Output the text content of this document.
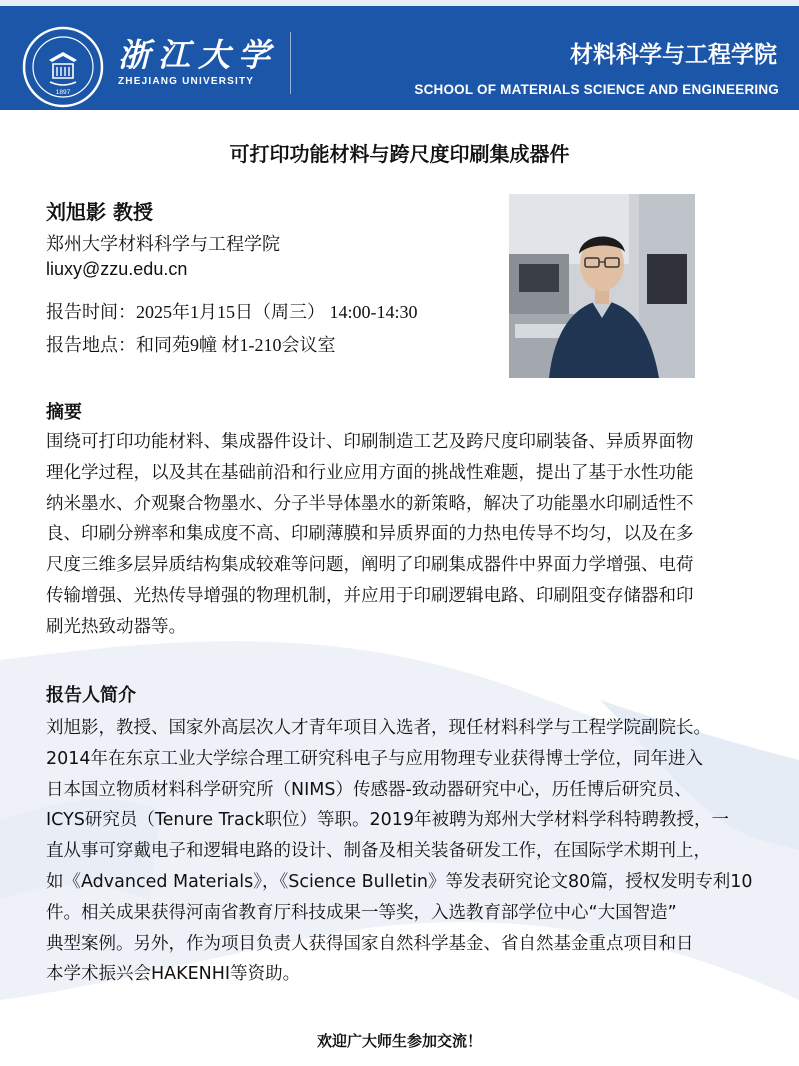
1897
浙江大学
ZHEJIANG UNIVERSITY
材料科学与工程学院
SCHOOL OF MATERIALS SCIENCE AND ENGINEERING
可打印功能材料与跨尺度印刷集成器件
刘旭影 教授
郑州大学材料科学与工程学院
liuxy@zzu.edu.cn
报告时间：2025年1月15日（周三） 14:00-14:30
报告地点：和同苑9幢 材1-210会议室
摘要

围绕可打印功能材料、集成器件设计、印刷制造工艺及跨尺度印刷装备、异质界面物
理化学过程，以及其在基础前沿和行业应用方面的挑战性难题，提出了基于水性功能
纳米墨水、介观聚合物墨水、分子半导体墨水的新策略，解决了功能墨水印刷适性不
良、印刷分辨率和集成度不高、印刷薄膜和异质界面的力热电传导不均匀，以及在多
尺度三维多层异质结构集成较难等问题，阐明了印刷集成器件中界面力学增强、电荷
传输增强、光热传导增强的物理机制，并应用于印刷逻辑电路、印刷阻变存储器和印
刷光热致动器等。

报告人简介

刘旭影，教授、国家外高层次人才青年项目入选者，现任材料科学与工程学院副院长。
2014年在东京工业大学综合理工研究科电子与应用物理专业获得博士学位，同年进入
日本国立物质材料科学研究所（NIMS）传感器-致动器研究中心，历任博后研究员、
ICYS研究员（Tenure Track职位）等职。2019年被聘为郑州大学材料学科特聘教授，一
直从事可穿戴电子和逻辑电路的设计、制备及相关装备研发工作，在国际学术期刊上，
如《Advanced Materials》，《Science Bulletin》等发表研究论文80篇，授权发明专利10
件。相关成果获得河南省教育厅科技成果一等奖，入选教育部学位中心“大国智造”
典型案例。另外，作为项目负责人获得国家自然科学基金、省自然基金重点项目和日
本学术振兴会HAKENHI等资助。

欢迎广大师生参加交流！
